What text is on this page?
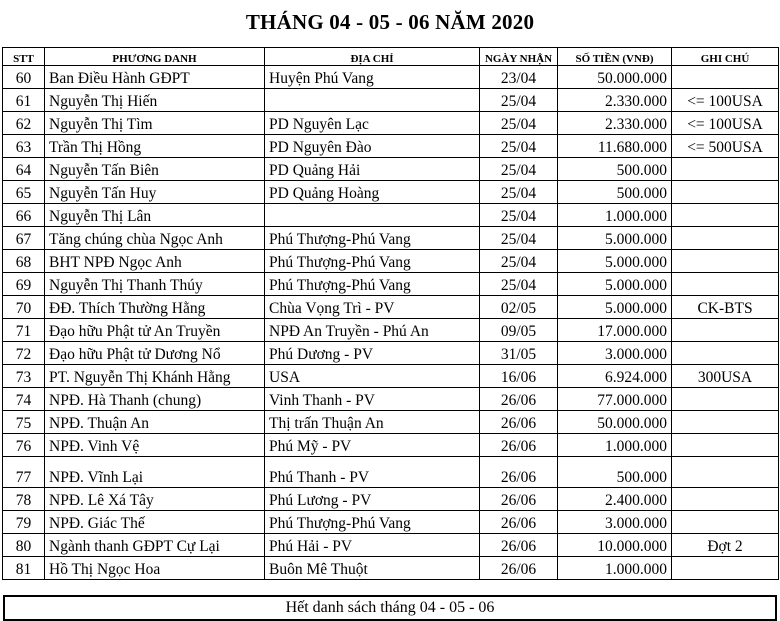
THÁNG 04 - 05 - 06 NĂM 2020
STT	PHƯƠNG DANH	ĐỊA CHỈ	NGÀY NHẬN	SỐ TIỀN (VNĐ)	GHI CHÚ
60	Ban Điều Hành GĐPT	Huyện Phú Vang	23/04	50.000.000	
61	Nguyễn Thị Hiến		25/04	2.330.000	<= 100USA
62	Nguyễn Thị Tìm	PD Nguyên Lạc	25/04	2.330.000	<= 100USA
63	Trần Thị Hồng	PD Nguyên Đào	25/04	11.680.000	<= 500USA
64	Nguyễn Tấn Biên	PD Quảng Hải	25/04	500.000	
65	Nguyễn Tấn Huy	PD Quảng Hoàng	25/04	500.000	
66	Nguyễn Thị Lân		25/04	1.000.000	
67	Tăng chúng chùa Ngọc Anh	Phú Thượng-Phú Vang	25/04	5.000.000	
68	BHT NPĐ Ngọc Anh	Phú Thượng-Phú Vang	25/04	5.000.000	
69	Nguyễn Thị Thanh Thúy	Phú Thượng-Phú Vang	25/04	5.000.000	
70	ĐĐ. Thích Thường Hằng	Chùa Vọng Trì - PV	02/05	5.000.000	CK-BTS
71	Đạo hữu Phật tử An Truyền	NPĐ An Truyền - Phú An	09/05	17.000.000	
72	Đạo hữu Phật tử Dương Nổ	Phú Dương - PV	31/05	3.000.000	
73	PT. Nguyễn Thị Khánh Hằng	USA	16/06	6.924.000	300USA
74	NPĐ. Hà Thanh (chung)	Vinh Thanh - PV	26/06	77.000.000	
75	NPĐ. Thuận An	Thị trấn Thuận An	26/06	50.000.000	
76	NPĐ. Vinh Vệ	Phú Mỹ - PV	26/06	1.000.000	
77	NPĐ. Vĩnh Lại	Phú Thanh - PV	26/06	500.000	
78	NPĐ. Lê Xá Tây	Phú Lương - PV	26/06	2.400.000	
79	NPĐ. Giác Thế	Phú Thượng-Phú Vang	26/06	3.000.000	
80	Ngành thanh GĐPT Cự Lại	Phú Hải - PV	26/06	10.000.000	Đợt 2
81	Hồ Thị Ngọc Hoa	Buôn Mê Thuột	26/06	1.000.000	
Hết danh sách tháng 04 - 05 - 06
